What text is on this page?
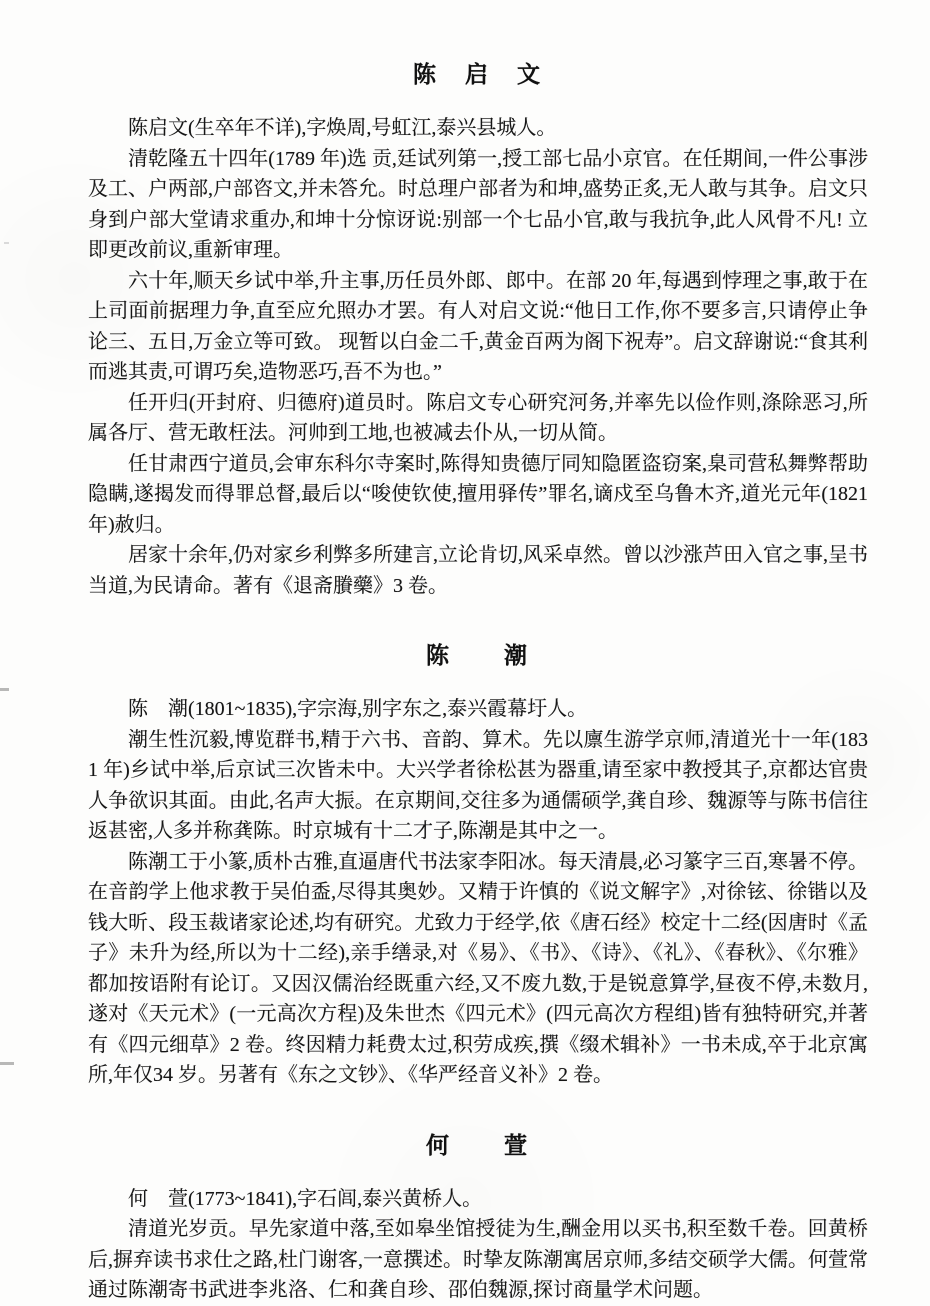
陈　启　文

陈启文(生卒年不详),字焕周,号虹江,泰兴县城人。

清乾隆五十四年(1789 年)选 贡,廷试列第一,授工部七品小京官。在任期间,一件公事涉及工、户两部,户部咨文,并未答允。时总理户部者为和坤,盛势正炙,无人敢与其争。启文只身到户部大堂请求重办,和坤十分惊讶说:别部一个七品小官,敢与我抗争,此人风骨不凡! 立即更改前议,重新审理。

六十年,顺天乡试中举,升主事,历任员外郎、郎中。在部 20 年,每遇到悖理之事,敢于在上司面前据理力争,直至应允照办才罢。有人对启文说:“他日工作,你不要多言,只请停止争论三、五日,万金立等可致。 现暂以白金二千,黄金百两为阁下祝寿”。启文辞谢说:“食其利而逃其责,可谓巧矣,造物恶巧,吾不为也。”

任开归(开封府、归德府)道员时。陈启文专心研究河务,并率先以俭作则,涤除恶习,所属各厅、营无敢枉法。河帅到工地,也被减去仆从,一切从简。

任甘肃西宁道员,会审东科尔寺案时,陈得知贵德厅同知隐匿盗窃案,臬司营私舞弊帮助隐瞒,遂揭发而得罪总督,最后以“唆使钦使,擅用驿传”罪名,谪戍至乌鲁木齐,道光元年(1821 年)赦归。

居家十余年,仍对家乡利弊多所建言,立论肯切,风采卓然。曾以沙涨芦田入官之事,呈书当道,为民请命。著有《退斋賸藥》3 卷。

陈　　潮

陈　潮(1801~1835),字宗海,别字东之,泰兴霞幕圩人。

潮生性沉毅,博览群书,精于六书、音韵、算术。先以廪生游学京师,清道光十一年(1831 年)乡试中举,后京试三次皆未中。大兴学者徐松甚为器重,请至家中教授其子,京都达官贵人争欲识其面。由此,名声大振。在京期间,交往多为通儒硕学,龚自珍、魏源等与陈书信往返甚密,人多并称龚陈。时京城有十二才子,陈潮是其中之一。

陈潮工于小篆,质朴古雅,直逼唐代书法家李阳冰。每天清晨,必习篆字三百,寒暑不停。在音韵学上他求教于吴伯盉,尽得其奥妙。又精于许慎的《说文解字》,对徐铉、徐锴以及钱大昕、段玉裁诸家论述,均有研究。尤致力于经学,依《唐石经》校定十二经(因唐时《孟子》未升为经,所以为十二经),亲手缮录,对《易》、《书》、《诗》、《礼》、《春秋》、《尔雅》都加按语附有论订。又因汉儒治经既重六经,又不废九数,于是锐意算学,昼夜不停,未数月,遂对《天元术》(一元高次方程)及朱世杰《四元术》(四元高次方程组)皆有独特研究,并著有《四元细草》2 卷。终因精力耗费太过,积劳成疾,撰《缀术辑补》一书未成,卒于北京寓所,年仅34 岁。另著有《东之文钞》、《华严经音义补》2 卷。

何　　萱

何　萱(1773~1841),字石闾,泰兴黄桥人。

清道光岁贡。早先家道中落,至如皋坐馆授徒为生,酬金用以买书,积至数千卷。回黄桥后,摒弃读书求仕之路,杜门谢客,一意撰述。时挚友陈潮寓居京师,多结交硕学大儒。何萱常通过陈潮寄书武进李兆洛、仁和龚自珍、邵伯魏源,探讨商量学术问题。
